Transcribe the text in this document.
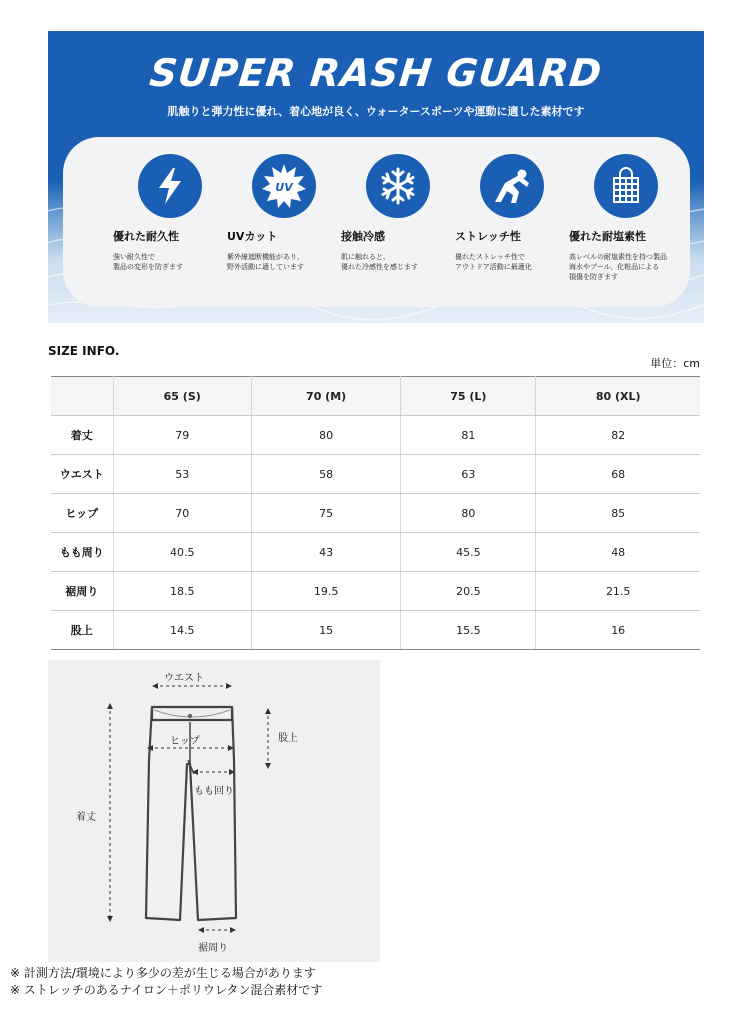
SUPER RASH GUARD
肌触りと弾力性に優れ、着心地が良く、ウォータースポーツや運動に適した素材です
優れた耐久性
強い耐久性で
製品の変形を防ぎます
UV
UVカット
紫外線遮断機能があり、
野外活動に適しています
接触冷感
肌に触れると、
優れた冷感性を感じます
ストレッチ性
優れたストレッチ性で
アウトドア活動に最適化
優れた耐塩素性
高レベルの耐塩素性を持つ製品
海水やプール、化粧品による
損傷を防ぎます
SIZE INFO.
単位：cm
	65 (S)	70 (M)	75 (L)	80 (XL)
着丈	79	80	81	82
ウエスト	53	58	63	68
ヒップ	70	75	80	85
もも周り	40.5	43	45.5	48
裾周り	18.5	19.5	20.5	21.5
股上	14.5	15	15.5	16
ウエスト
股上
ヒップ
もも回り
着丈
裾周り
※ 計測方法/環境により多少の差が生じる場合があります
※ ストレッチのあるナイロン＋ポリウレタン混合素材です
